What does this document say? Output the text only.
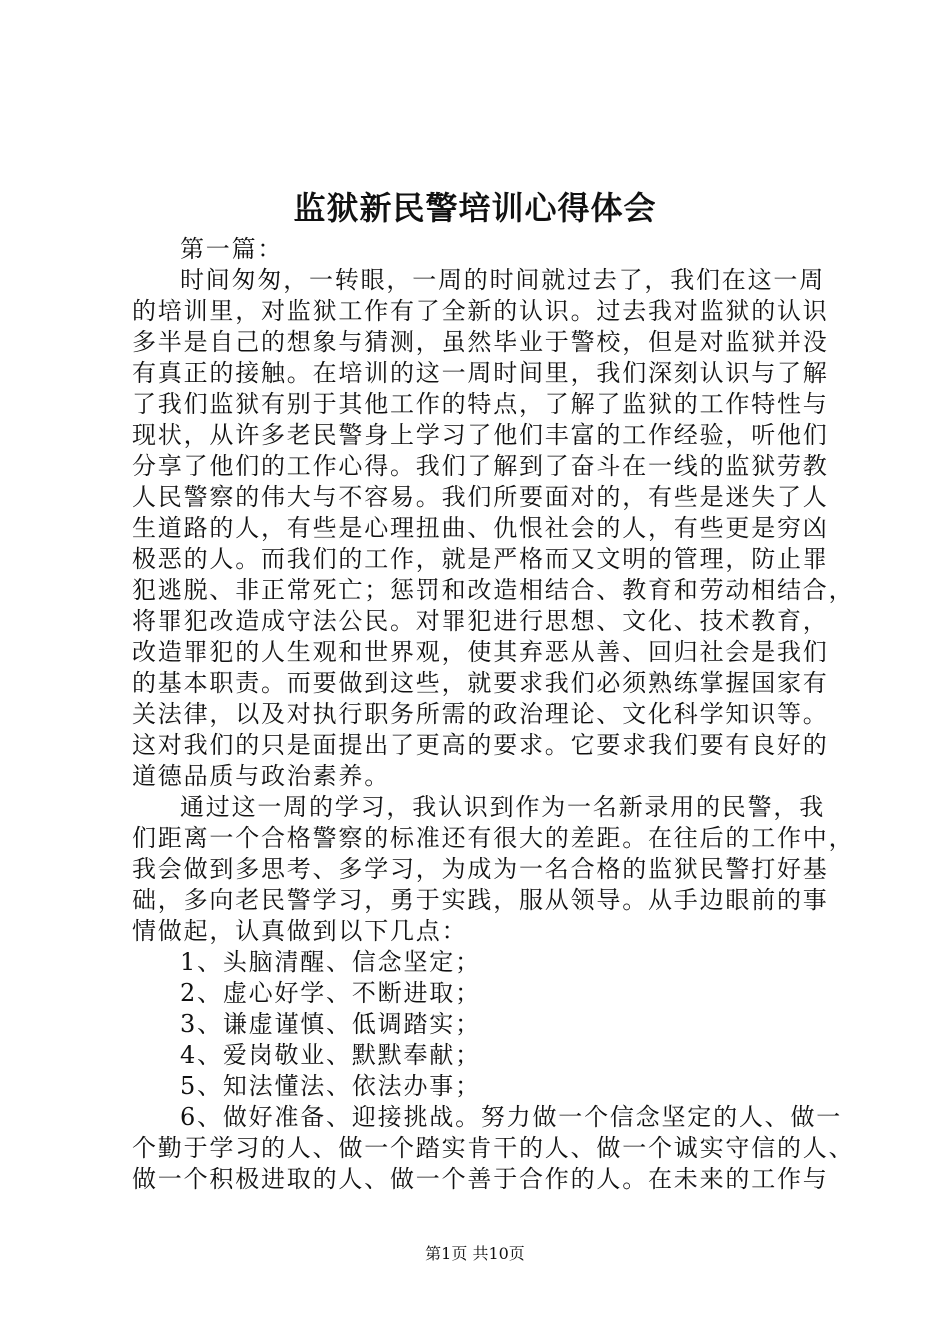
监狱新民警培训心得体会
第一篇：
时间匆匆，一转眼，一周的时间就过去了，我们在这一周
的培训里，对监狱工作有了全新的认识。过去我对监狱的认识
多半是自己的想象与猜测，虽然毕业于警校，但是对监狱并没
有真正的接触。在培训的这一周时间里，我们深刻认识与了解
了我们监狱有别于其他工作的特点，了解了监狱的工作特性与
现状，从许多老民警身上学习了他们丰富的工作经验，听他们
分享了他们的工作心得。我们了解到了奋斗在一线的监狱劳教
人民警察的伟大与不容易。我们所要面对的，有些是迷失了人
生道路的人，有些是心理扭曲、仇恨社会的人，有些更是穷凶
极恶的人。而我们的工作，就是严格而又文明的管理，防止罪
犯逃脱、非正常死亡；惩罚和改造相结合、教育和劳动相结合，
将罪犯改造成守法公民。对罪犯进行思想、文化、技术教育，
改造罪犯的人生观和世界观，使其弃恶从善、回归社会是我们
的基本职责。而要做到这些，就要求我们必须熟练掌握国家有
关法律，以及对执行职务所需的政治理论、文化科学知识等。
这对我们的只是面提出了更高的要求。它要求我们要有良好的
道德品质与政治素养。
通过这一周的学习，我认识到作为一名新录用的民警，我
们距离一个合格警察的标准还有很大的差距。在往后的工作中，
我会做到多思考、多学习，为成为一名合格的监狱民警打好基
础，多向老民警学习，勇于实践，服从领导。从手边眼前的事
情做起，认真做到以下几点：
1、头脑清醒、信念坚定；
2、虚心好学、不断进取；
3、谦虚谨慎、低调踏实；
4、爱岗敬业、默默奉献；
5、知法懂法、依法办事；
6、做好准备、迎接挑战。努力做一个信念坚定的人、做一
个勤于学习的人、做一个踏实肯干的人、做一个诚实守信的人、
做一个积极进取的人、做一个善于合作的人。在未来的工作与
第1页 共10页
